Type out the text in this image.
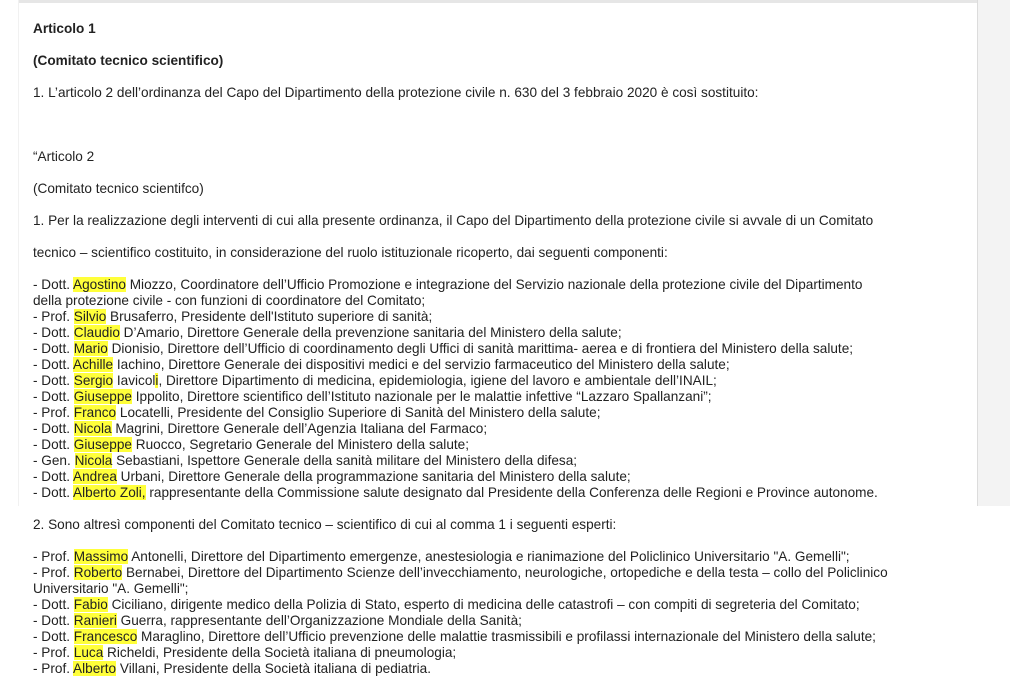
Articolo 1

(Comitato tecnico scientifico)

1. L’articolo 2 dell’ordinanza del Capo del Dipartimento della protezione civile n. 630 del 3 febbraio 2020 è così sostituito:

“Articolo 2

(Comitato tecnico scientifco)

1. Per la realizzazione degli interventi di cui alla presente ordinanza, il Capo del Dipartimento della protezione civile si avvale di un Comitato

tecnico – scientifico costituito, in considerazione del ruolo istituzionale ricoperto, dai seguenti componenti:

- Dott. Agostino Miozzo, Coordinatore dell’Ufficio Promozione e integrazione del Servizio nazionale della protezione civile del Dipartimento
della protezione civile - con funzioni di coordinatore del Comitato;
- Prof. Silvio Brusaferro, Presidente dell'Istituto superiore di sanità;
- Dott. Claudio D’Amario, Direttore Generale della prevenzione sanitaria del Ministero della salute;
- Dott. Mario Dionisio, Direttore dell’Ufficio di coordinamento degli Uffici di sanità marittima- aerea e di frontiera del Ministero della salute;
- Dott. Achille Iachino, Direttore Generale dei dispositivi medici e del servizio farmaceutico del Ministero della salute;
- Dott. Sergio Iavicoli, Direttore Dipartimento di medicina, epidemiologia, igiene del lavoro e ambientale dell’INAIL;
- Dott. Giuseppe Ippolito, Direttore scientifico dell’Istituto nazionale per le malattie infettive “Lazzaro Spallanzani”;
- Prof. Franco Locatelli, Presidente del Consiglio Superiore di Sanità del Ministero della salute;
- Dott. Nicola Magrini, Direttore Generale dell’Agenzia Italiana del Farmaco;
- Dott. Giuseppe Ruocco, Segretario Generale del Ministero della salute;
- Gen. Nicola Sebastiani, Ispettore Generale della sanità militare del Ministero della difesa;
- Dott. Andrea Urbani, Direttore Generale della programmazione sanitaria del Ministero della salute;
- Dott. Alberto Zoli, rappresentante della Commissione salute designato dal Presidente della Conferenza delle Regioni e Province autonome.

2. Sono altresì componenti del Comitato tecnico – scientifico di cui al comma 1 i seguenti esperti:

- Prof. Massimo Antonelli, Direttore del Dipartimento emergenze, anestesiologia e rianimazione del Policlinico Universitario "A. Gemelli";
- Prof. Roberto Bernabei, Direttore del Dipartimento Scienze dell’invecchiamento, neurologiche, ortopediche e della testa – collo del Policlinico
Universitario "A. Gemelli";
- Dott. Fabio Ciciliano, dirigente medico della Polizia di Stato, esperto di medicina delle catastrofi – con compiti di segreteria del Comitato;
- Dott. Ranieri Guerra, rappresentante dell’Organizzazione Mondiale della Sanità;
- Dott. Francesco Maraglino, Direttore dell’Ufficio prevenzione delle malattie trasmissibili e profilassi internazionale del Ministero della salute;
- Prof. Luca Richeldi, Presidente della Società italiana di pneumologia;
- Prof. Alberto Villani, Presidente della Società italiana di pediatria.
